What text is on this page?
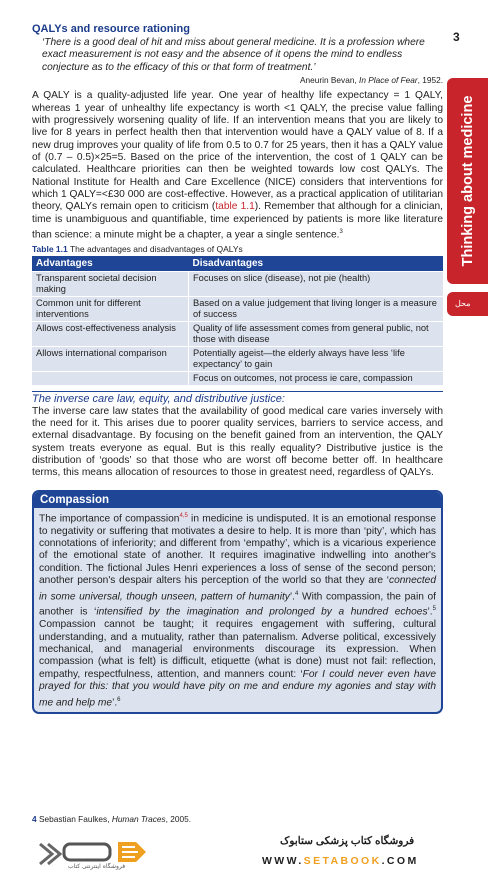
3
Thinking about medicine
محل

QALYs and resource rationing

‘There is a good deal of hit and miss about general medicine. It is a profession where exact measurement is not easy and the absence of it opens the mind to endless conjecture as to the efficacy of this or that form of treatment.’
Aneurin Bevan, In Place of Fear, 1952.

A QALY is a quality-adjusted life year. One year of healthy life expectancy = 1 QALY, whereas 1 year of unhealthy life expectancy is worth <1 QALY, the precise value falling with progressively worsening quality of life. If an intervention means that you are likely to live for 8 years in perfect health then that intervention would have a QALY value of 8. If a new drug improves your quality of life from 0.5 to 0.7 for 25 years, then it has a QALY value of (0.7 – 0.5)×25=5. Based on the price of the intervention, the cost of 1 QALY can be calculated. Healthcare priorities can then be weighted towards low cost QALYs. The National Institute for Health and Care Excellence (NICE) considers that interventions for which 1 QALY=<£30 000 are cost-effective. However, as a practical application of utilitarian theory, QALYs remain open to criticism (table 1.1). Remember that although for a clinician, time is unambiguous and quantifiable, time experienced by patients is more like literature than science: a minute might be a chapter, a year a single sentence.$^3$

Table 1.1 The advantages and disadvantages of QALYs
Advantages	Disadvantages
Transparent societal decision making	Focuses on slice (disease), not pie (health)
Common unit for different interventions	Based on a value judgement that living longer is a measure of success
Allows cost-effectiveness analysis	Quality of life assessment comes from general public, not those with disease
Allows international comparison	Potentially ageist—the elderly always have less ‘life expectancy’ to gain
	Focus on outcomes, not process ie care, compassion
The inverse care law, equity, and distributive justice:

The inverse care law states that the availability of good medical care varies inversely with the need for it. This arises due to poorer quality services, barriers to service access, and external disadvantage. By focusing on the benefit gained from an intervention, the QALY system treats everyone as equal. But is this really equality? Distributive justice is the distribution of ‘goods’ so that those who are worst off become better off. In healthcare terms, this means allocation of resources to those in greatest need, regardless of QALYs.

Compassion
The importance of compassion$^{4,5}$ in medicine is undisputed. It is an emotional response to negativity or suffering that motivates a desire to help. It is more than ‘pity’, which has connotations of inferiority; and different from ‘empathy’, which is a vicarious experience of the emotional state of another. It requires imaginative indwelling into another's condition. The fictional Jules Henri experiences a loss of sense of the second person; another person's despair alters his perception of the world so that they are ‘connected in some universal, though unseen, pattern of humanity’.$^4$ With compassion, the pain of another is ‘intensified by the imagination and prolonged by a hundred echoes’.$^5$ Compassion cannot be taught; it requires engagement with suffering, cultural understanding, and a mutuality, rather than paternalism. Adverse political, excessively mechanical, and managerial environments discourage its expression. When compassion (what is felt) is difficult, etiquette (what is done) must not fail: reflection, empathy, respectfulness, attention, and manners count: ‘For I could never even have prayed for this: that you would have pity on me and endure my agonies and stay with me and help me’.$^6$
4 Sebastian Faulkes, Human Traces, 2005.
فروشگاه اینترنتی کتاب
فروشگاه کتاب پزشکی ستابوک
WWW.SETABOOK.COM
